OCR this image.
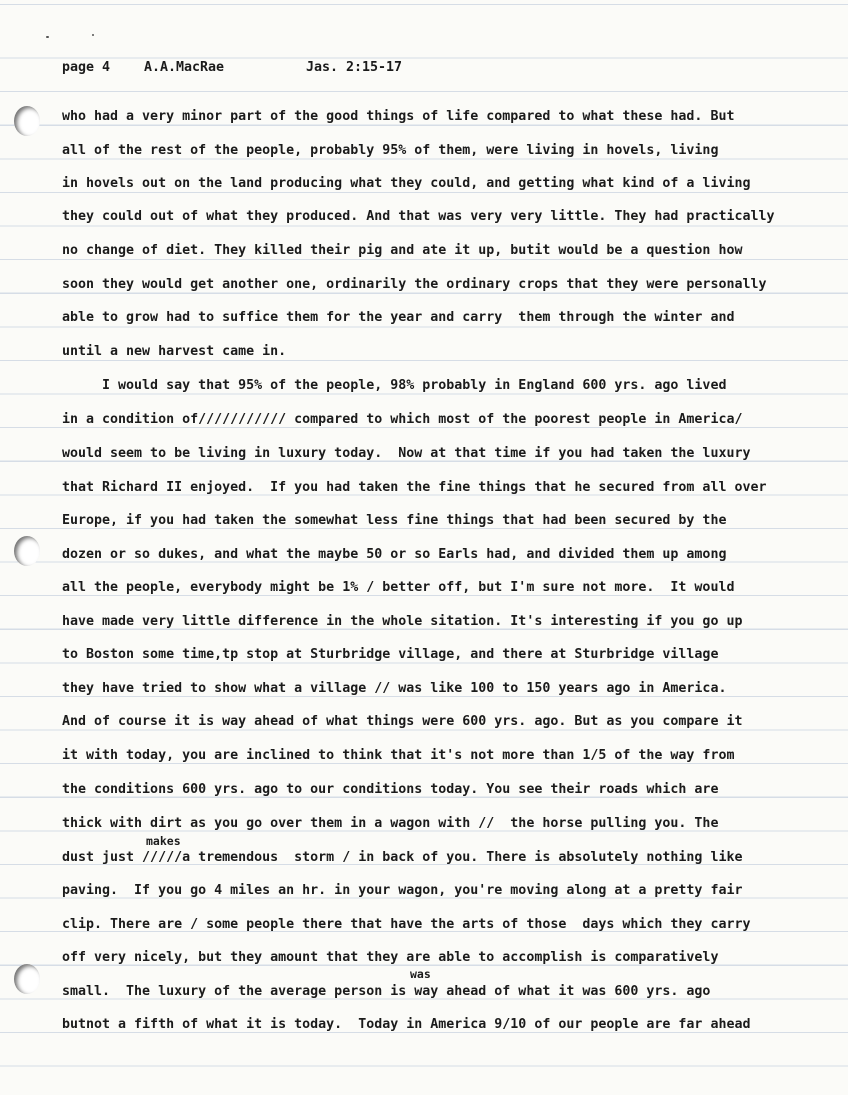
page 4

	A.A.MacRae

	Jas. 2:15-17

makes
was
who had a very minor part of the good things of life compared to what these had. But
all of the rest of the people, probably 95% of them, were living in hovels, living
in hovels out on the land producing what they could, and getting what kind of a living
they could out of what they produced. And that was very very little. They had practically
no change of diet. They killed their pig and ate it up, butit would be a question how
soon they would get another one, ordinarily the ordinary crops that they were personally
able to grow had to suffice them for the year and carry  them through the winter and
until a new harvest came in.
I would say that 95% of the people, 98% probably in England 600 yrs. ago lived
in a condition of/////////// compared to which most of the poorest people in America/
would seem to be living in luxury today.  Now at that time if you had taken the luxury
that Richard II enjoyed.  If you had taken the fine things that he secured from all over
Europe, if you had taken the somewhat less fine things that had been secured by the
dozen or so dukes, and what the maybe 50 or so Earls had, and divided them up among
all the people, everybody might be 1% / better off, but I'm sure not more.  It would
have made very little difference in the whole sitation. It's interesting if you go up
to Boston some time,tp stop at Sturbridge village, and there at Sturbridge village
they have tried to show what a village // was like 100 to 150 years ago in America.
And of course it is way ahead of what things were 600 yrs. ago. But as you compare it
it with today, you are inclined to think that it's not more than 1/5 of the way from
the conditions 600 yrs. ago to our conditions today. You see their roads which are
thick with dirt as you go over them in a wagon with //  the horse pulling you. The
dust just /////a tremendous  storm / in back of you. There is absolutely nothing like
paving.  If you go 4 miles an hr. in your wagon, you're moving along at a pretty fair
clip. There are / some people there that have the arts of those  days which they carry
off very nicely, but they amount that they are able to accomplish is comparatively
small.  The luxury of the average person is way ahead of what it was 600 yrs. ago
butnot a fifth of what it is today.  Today in America 9/10 of our people are far ahead
